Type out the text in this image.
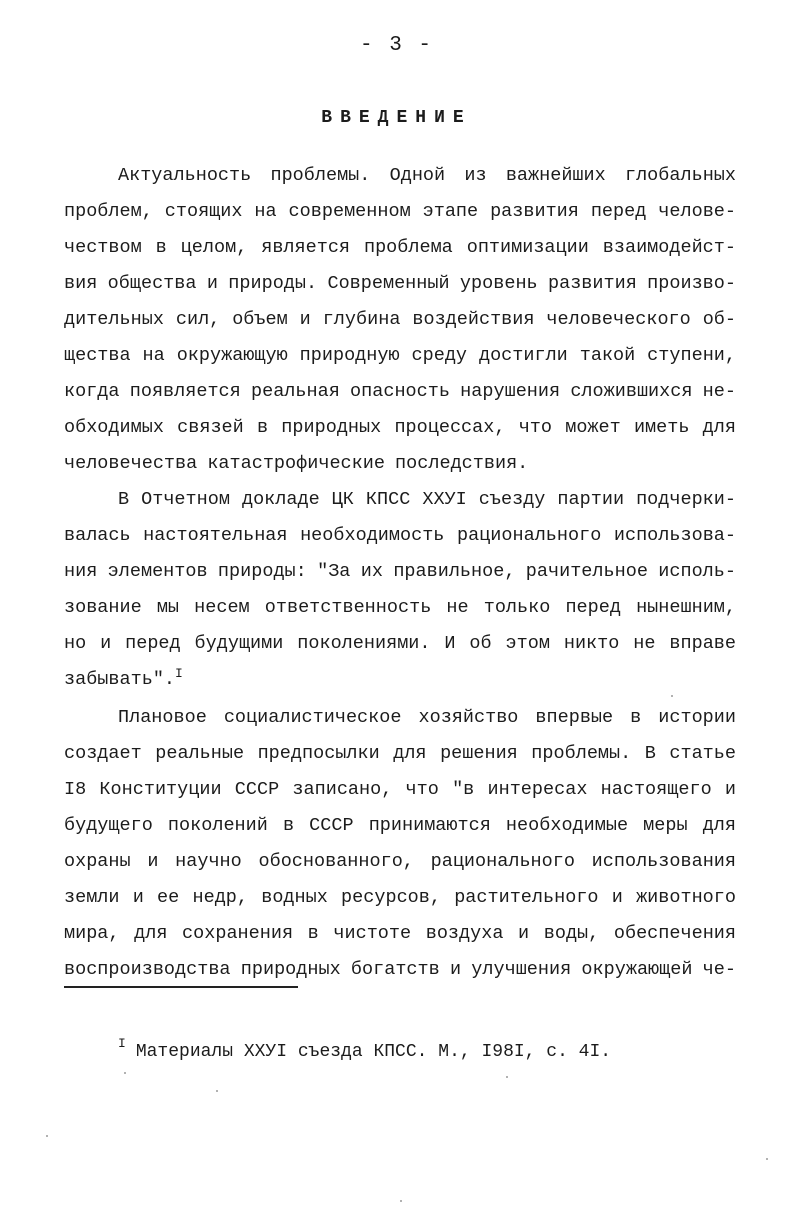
- 3 -
ВВЕДЕНИЕ
Актуальность проблемы. Одной из важнейших глобальных
проблем, стоящих на современном этапе развития перед челове-
чеством в целом, является проблема оптимизации взаимодейст-
вия общества и природы. Современный уровень развития произво-
дительных сил, объем и глубина воздействия человеческого об-
щества на окружающую природную среду достигли такой ступени,
когда появляется реальная опасность нарушения сложившихся не-
обходимых связей в природных процессах, что может иметь для
человечества катастрофические последствия.
В Отчетном докладе ЦК КПСС ХХУІ съезду партии подчерки-
валась настоятельная необходимость рационального использова-
ния элементов природы: "За их правильное, рачительное исполь-
зование мы несем ответственность не только перед нынешним,
но и перед будущими поколениями. И об этом никто не вправе
забывать".$^I$
Плановое социалистическое хозяйство впервые в истории
создает реальные предпосылки для решения проблемы. В статье
I8 Конституции СССР записано, что "в интересах настоящего и
будущего поколений в СССР принимаются необходимые меры для
охраны и научно обоснованного, рационального использования
земли и ее недр, водных ресурсов, растительного и животного
мира, для сохранения в чистоте воздуха и воды, обеспечения
воспроизводства природных богатств и улучшения окружающей че-
$^I$ Материалы ХХУІ съезда КПСС. М., I98I, с. 4I.
